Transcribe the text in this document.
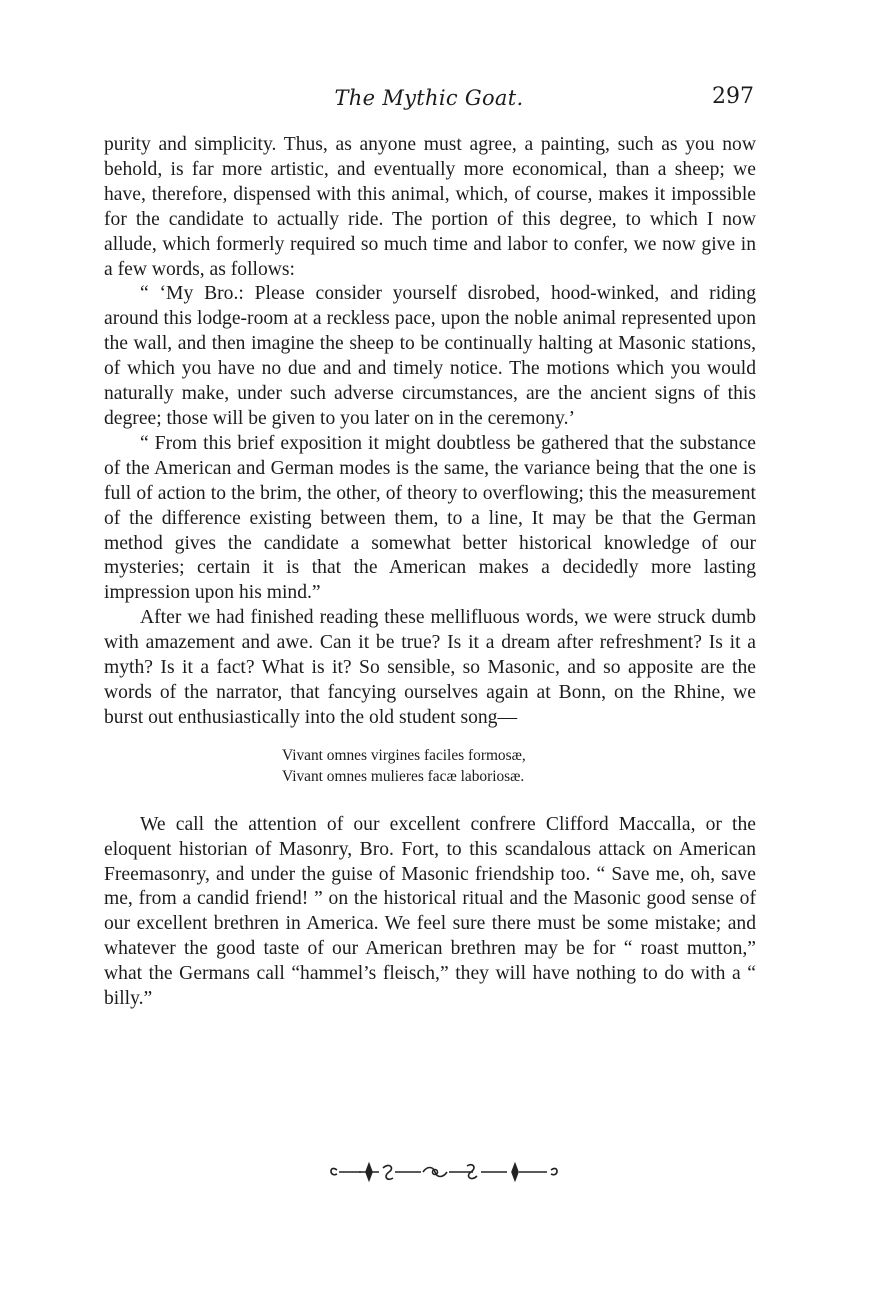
The Mythic Goat.	297

purity and simplicity. Thus, as anyone must agree, a painting, such as you now behold, is far more artistic, and eventually more economical, than a sheep; we have, therefore, dispensed with this animal, which, of course, makes it impossible for the candidate to actually ride. The portion of this degree, to which I now allude, which formerly required so much time and labor to confer, we now give in a few words, as follows:

“ ‘My Bro.: Please consider yourself disrobed, hood-winked, and riding around this lodge-room at a reckless pace, upon the noble animal represented upon the wall, and then imagine the sheep to be continually halting at Masonic stations, of which you have no due and and timely notice. The motions which you would naturally make, under such adverse circumstances, are the ancient signs of this degree; those will be given to you later on in the ceremony.’

“ From this brief exposition it might doubtless be gathered that the substance of the American and German modes is the same, the variance being that the one is full of action to the brim, the other, of theory to overflowing; this the measurement of the difference existing between them, to a line, It may be that the German method gives the candidate a somewhat better historical knowledge of our mysteries; certain it is that the American makes a decidedly more lasting impression upon his mind.”

After we had finished reading these mellifluous words, we were struck dumb with amazement and awe. Can it be true? Is it a dream after refreshment? Is it a myth? Is it a fact? What is it? So sensible, so Masonic, and so apposite are the words of the narrator, that fancying ourselves again at Bonn, on the Rhine, we burst out enthusiastically into the old student song—

Vivant omnes virgines faciles formosæ,
Vivant omnes mulieres facæ laboriosæ.

We call the attention of our excellent confrere Clifford Maccalla, or the eloquent historian of Masonry, Bro. Fort, to this scandalous attack on American Freemasonry, and under the guise of Masonic friendship too. “ Save me, oh, save me, from a candid friend! ” on the historical ritual and the Masonic good sense of our excellent brethren in America. We feel sure there must be some mistake; and whatever the good taste of our American brethren may be for “ roast mutton,” what the Germans call “hammel’s fleisch,” they will have nothing to do with a “ billy.”
